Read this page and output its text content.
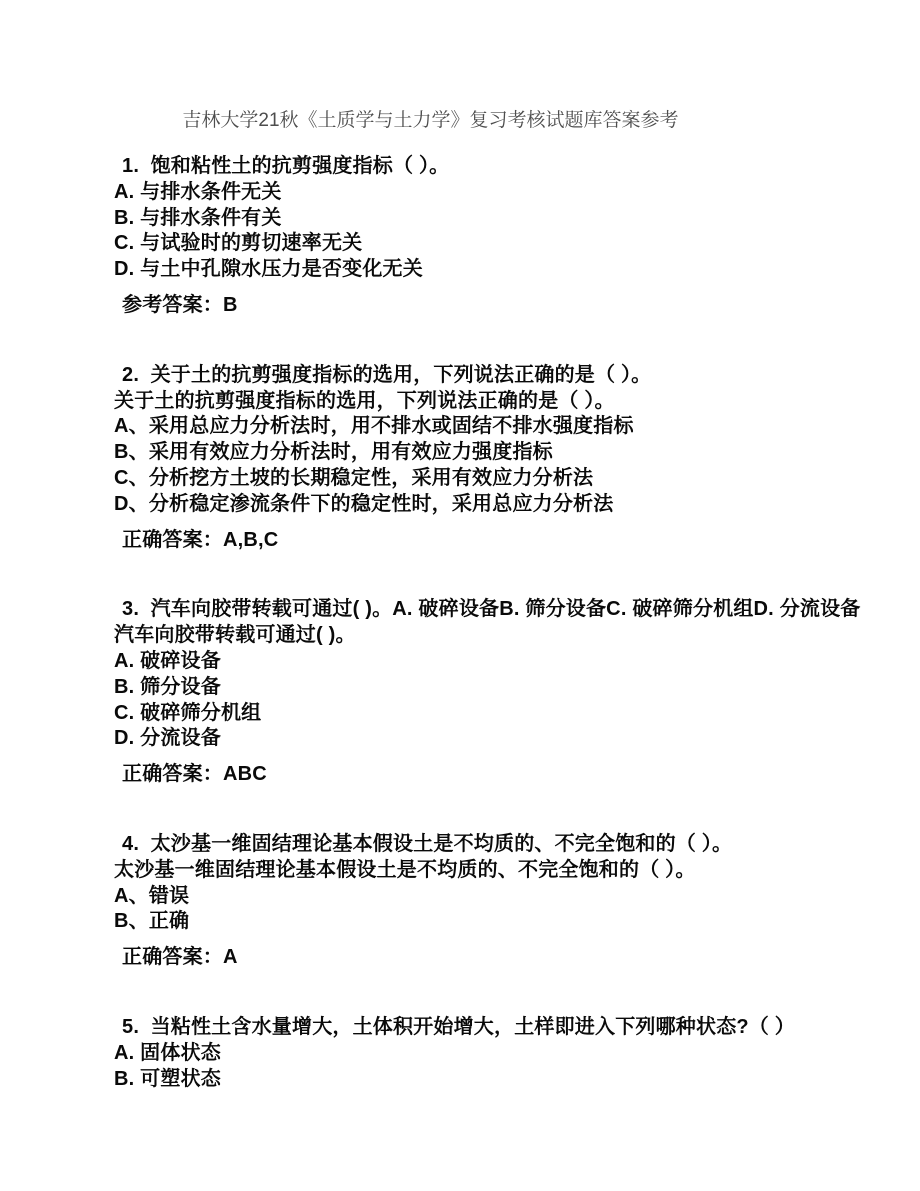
吉林大学21秋《土质学与土力学》复习考核试题库答案参考
1.  饱和粘性土的抗剪强度指标（ ）。
A. 与排水条件无关
B. 与排水条件有关
C. 与试验时的剪切速率无关
D. 与土中孔隙水压力是否变化无关
参考答案：B
2.  关于土的抗剪强度指标的选用，下列说法正确的是（ ）。
关于土的抗剪强度指标的选用，下列说法正确的是（ ）。
A、采用总应力分析法时，用不排水或固结不排水强度指标
B、采用有效应力分析法时，用有效应力强度指标
C、分析挖方土坡的长期稳定性，采用有效应力分析法
D、分析稳定渗流条件下的稳定性时，采用总应力分析法
正确答案：A,B,C
3.  汽车向胶带转载可通过( )。A. 破碎设备B. 筛分设备C. 破碎筛分机组D. 分流设备
汽车向胶带转载可通过( )。
A. 破碎设备
B. 筛分设备
C. 破碎筛分机组
D. 分流设备
正确答案：ABC
4.  太沙基一维固结理论基本假设土是不均质的、不完全饱和的（ ）。
太沙基一维固结理论基本假设土是不均质的、不完全饱和的（ ）。
A、错误
B、正确
正确答案：A
5.  当粘性土含水量增大，土体积开始增大，土样即进入下列哪种状态?（ ）
A. 固体状态
B. 可塑状态
